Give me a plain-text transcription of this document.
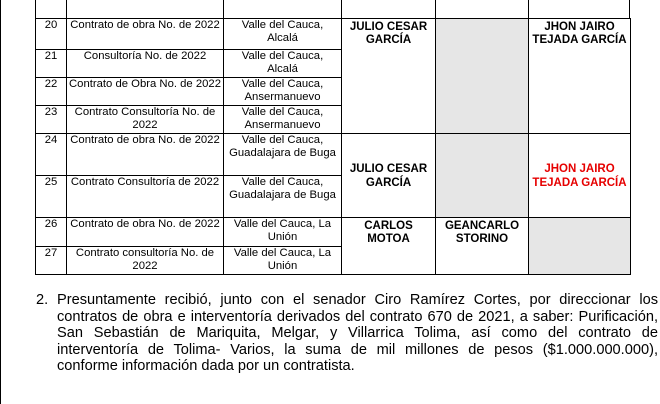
20	Contrato de obra No. de 2022	Valle del Cauca, Alcalá	JULIO CESAR GARCÍA		JHON JAIRO TEJADA GARCÍA
21	Consultoría No. de 2022	Valle del Cauca, Alcalá			
22	Contrato de Obra No. de 2022	Valle del Cauca, Ansermanuevo			
23	Contrato Consultoría No. de 2022	Valle del Cauca, Ansermanuevo			
24	Contrato de obra No. de 2022	Valle del Cauca, Guadalajara de Buga	JULIO CESAR GARCÍA		JHON JAIRO TEJADA GARCÍA
25	Contrato Consultoría de 2022	Valle del Cauca, Guadalajara de Buga			
26	Contrato de obra No. de 2022	Valle del Cauca, La Unión	CARLOS MOTOA	GEANCARLO STORINO	
27	Contrato consultoría No. de 2022	Valle del Cauca, La Unión			
2. Presuntamente recibió, junto con el senador Ciro Ramírez Cortes, por direccionar los contratos de obra e interventoría derivados del contrato 670 de 2021, a saber: Purificación, San Sebastián de Mariquita, Melgar, y Villarrica Tolima, así como del contrato de interventoría de Tolima- Varios, la suma de mil millones de pesos ($1.000.000.000), conforme información dada por un contratista.
